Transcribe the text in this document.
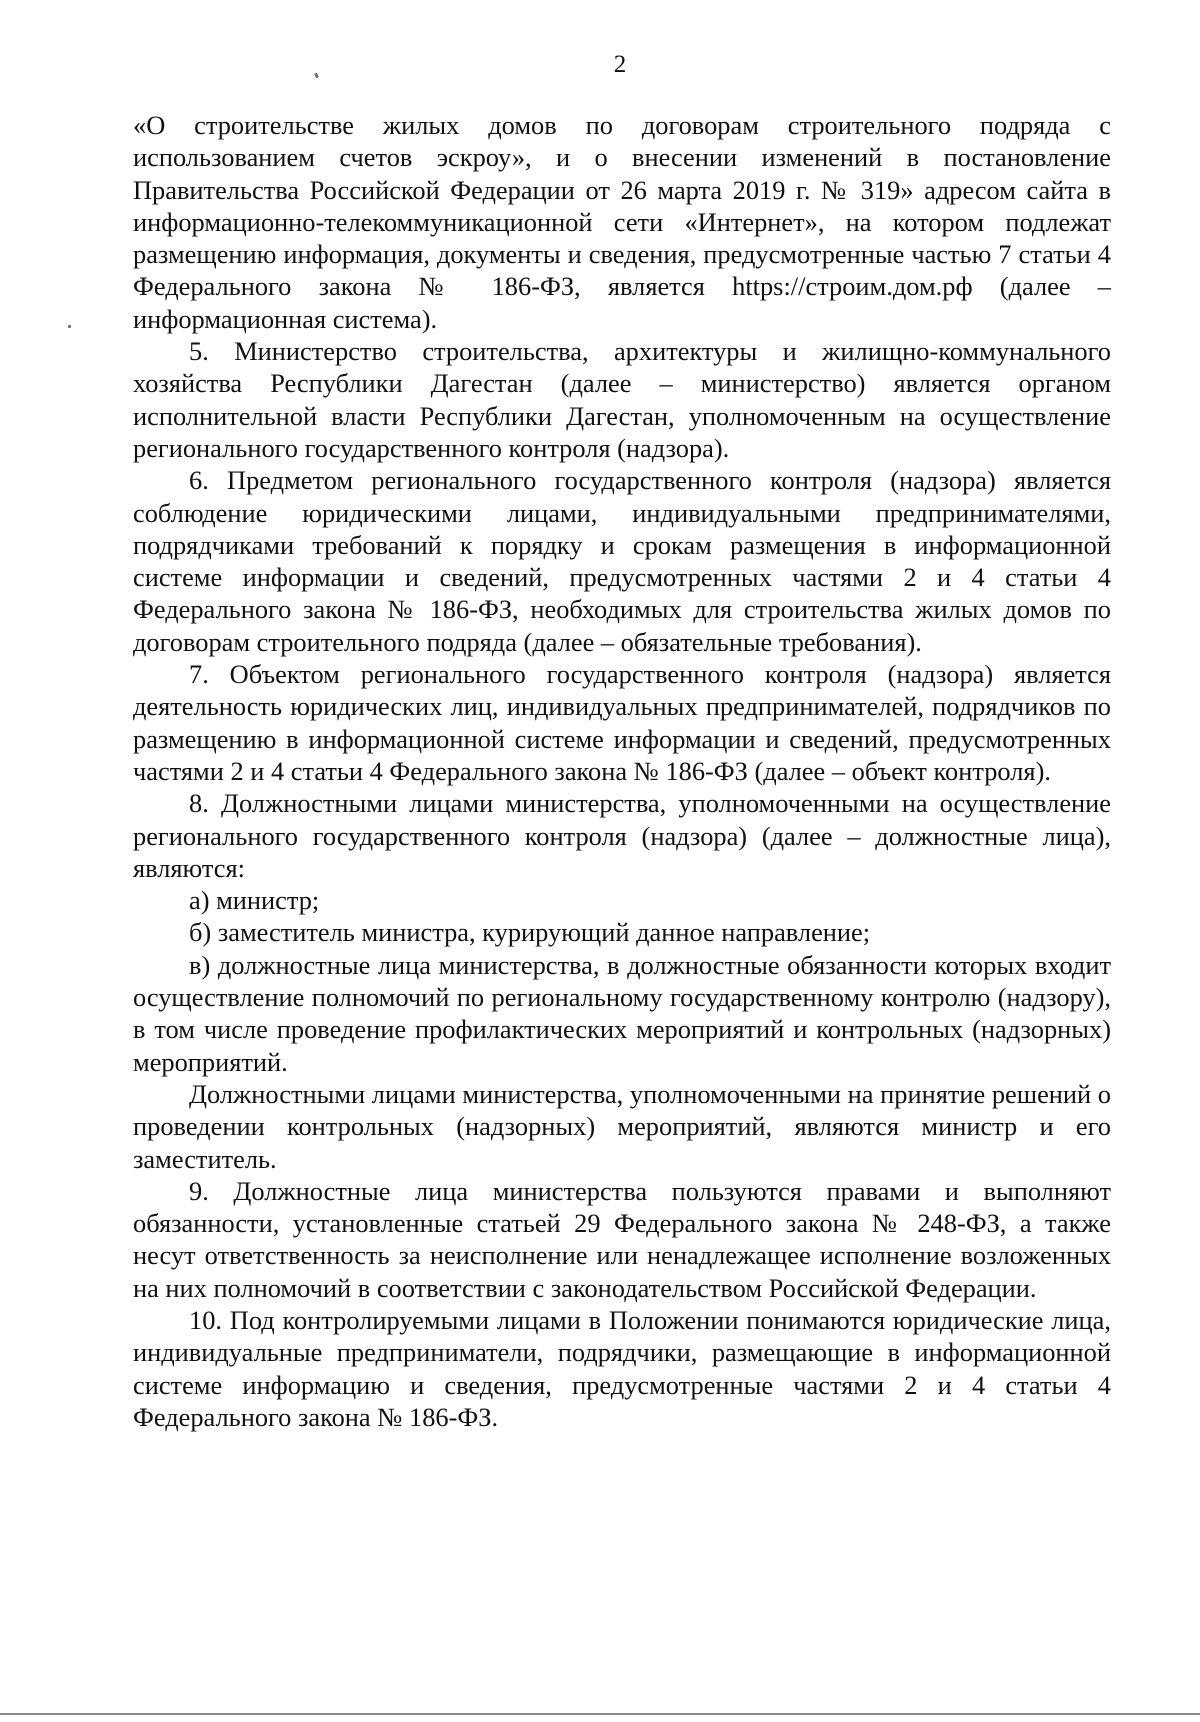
2

«О строительстве жилых домов по договорам строительного подряда с использованием счетов эскроу», и о внесении изменений в постановление Правительства Российской Федерации от 26 марта 2019 г. № 319» адресом сайта в информационно-телекоммуникационной сети «Интернет», на котором подлежат размещению информация, документы и сведения, предусмотренные частью 7 статьи 4 Федерального закона № 186-ФЗ, является https://строим.дом.рф (далее – информационная система).

5. Министерство строительства, архитектуры и жилищно-коммунального хозяйства Республики Дагестан (далее – министерство) является органом исполнительной власти Республики Дагестан, уполномоченным на осуществление регионального государственного контроля (надзора).

6. Предметом регионального государственного контроля (надзора) является соблюдение юридическими лицами, индивидуальными предпринимателями, подрядчиками требований к порядку и срокам размещения в информационной системе информации и сведений, предусмотренных частями 2 и 4 статьи 4 Федерального закона № 186-ФЗ, необходимых для строительства жилых домов по договорам строительного подряда (далее – обязательные требования).

7. Объектом регионального государственного контроля (надзора) является деятельность юридических лиц, индивидуальных предпринимателей, подрядчиков по размещению в информационной системе информации и сведений, предусмотренных частями 2 и 4 статьи 4 Федерального закона № 186-ФЗ (далее – объект контроля).

8. Должностными лицами министерства, уполномоченными на осуществление регионального государственного контроля (надзора) (далее – должностные лица), являются:

а) министр;

б) заместитель министра, курирующий данное направление;

в) должностные лица министерства, в должностные обязанности которых входит осуществление полномочий по региональному государственному контролю (надзору), в том числе проведение профилактических мероприятий и контрольных (надзорных) мероприятий.

Должностными лицами министерства, уполномоченными на принятие решений о проведении контрольных (надзорных) мероприятий, являются министр и его заместитель.

9. Должностные лица министерства пользуются правами и выполняют обязанности, установленные статьей 29 Федерального закона № 248-ФЗ, а также несут ответственность за неисполнение или ненадлежащее исполнение возложенных на них полномочий в соответствии с законодательством Российской Федерации.

10. Под контролируемыми лицами в Положении понимаются юридические лица, индивидуальные предприниматели, подрядчики, размещающие в информационной системе информацию и сведения, предусмотренные частями 2 и 4 статьи 4 Федерального закона № 186-ФЗ.
